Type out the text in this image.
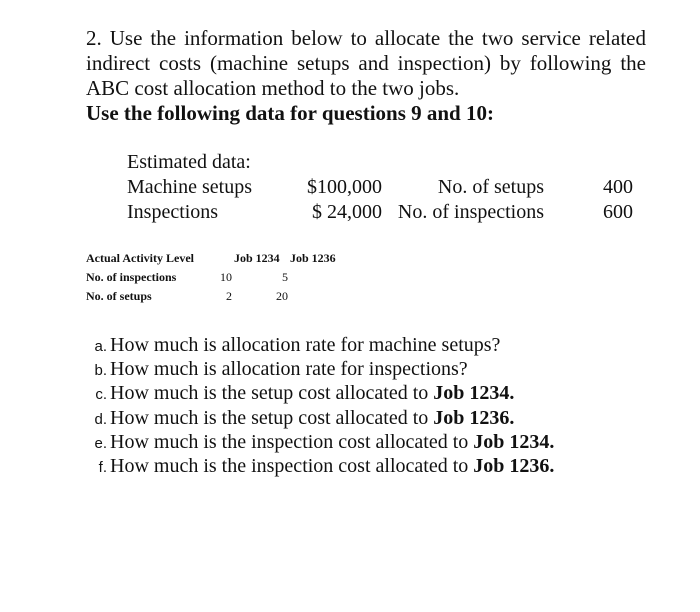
2. Use the information below to allocate the two service related indirect costs (machine setups and inspection) by following the ABC cost allocation method to the two jobs.
Use the following data for questions 9 and 10:
Estimated data:
Machine setups	$100,000	No. of setups	400
Inspections	$ 24,000 No. of inspections	600
Actual Activity Level	Job 1234 Job 1236
No. of inspections	10	5
No. of setups	2	20
a. How much is allocation rate for machine setups?
b. How much is allocation rate for inspections?
c. How much is the setup cost allocated to Job 1234.
d. How much is the setup cost allocated to Job 1236.
e. How much is the inspection cost allocated to Job 1234.
f. How much is the inspection cost allocated to Job 1236.
